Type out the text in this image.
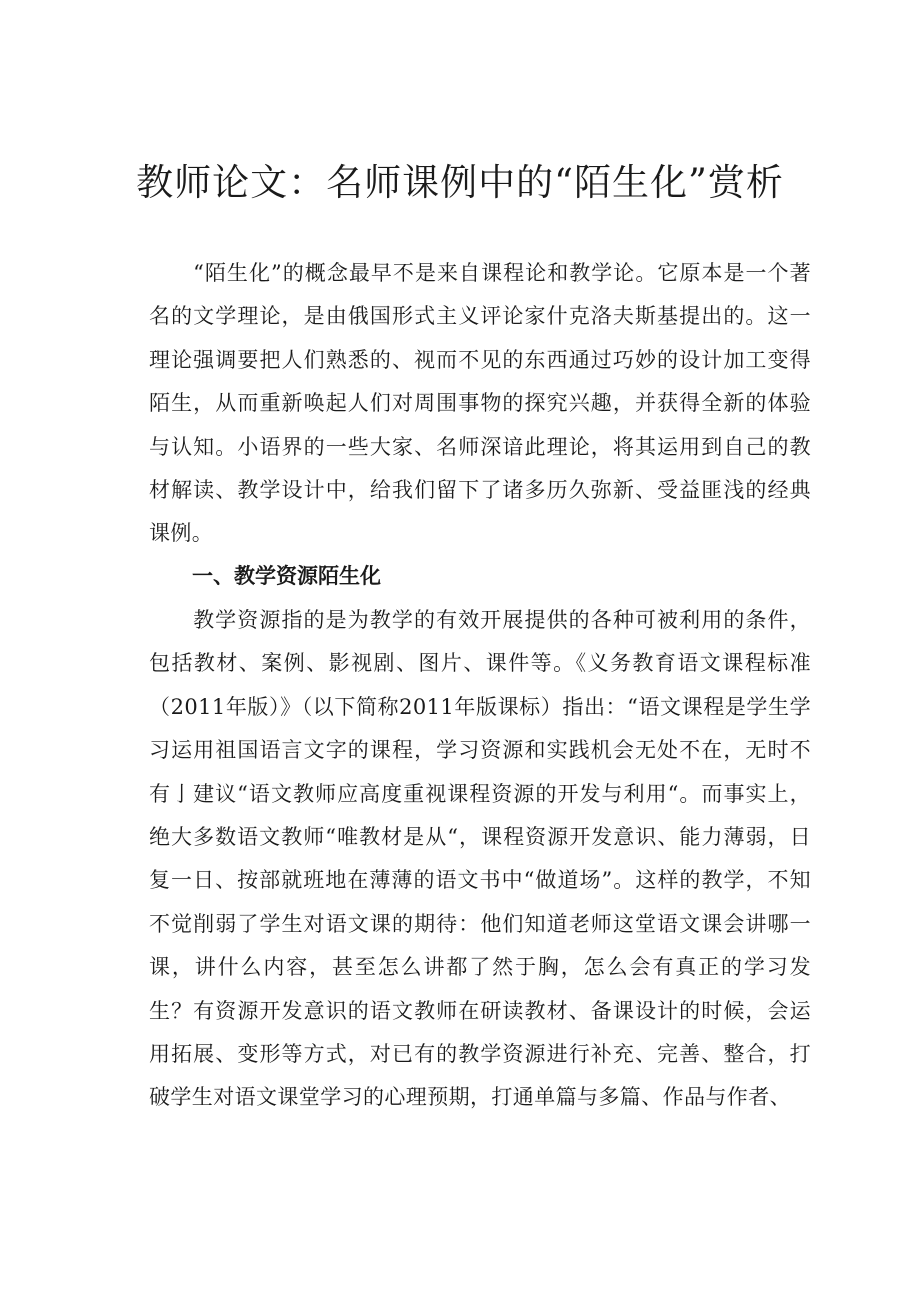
教师论文：名师课例中的“陌生化”赏析

“陌生化”的概念最早不是来自课程论和教学论。它原本是一个著名的文学理论，是由俄国形式主义评论家什克洛夫斯基提出的。这一理论强调要把人们熟悉的、视而不见的东西通过巧妙的设计加工变得陌生，从而重新唤起人们对周围事物的探究兴趣，并获得全新的体验与认知。小语界的一些大家、名师深谙此理论，将其运用到自己的教材解读、教学设计中，给我们留下了诸多历久弥新、受益匪浅的经典课例。

一、教学资源陌生化

教学资源指的是为教学的有效开展提供的各种可被利用的条件，包括教材、案例、影视剧、图片、课件等。《义务教育语文课程标准（2011年版）》（以下简称2011年版课标）指出：“语文课程是学生学习运用祖国语言文字的课程，学习资源和实践机会无处不在，无时不有亅建议“语文教师应高度重视课程资源的开发与利用“。而事实上，绝大多数语文教师“唯教材是从“，课程资源开发意识、能力薄弱，日复一日、按部就班地在薄薄的语文书中“做道场”。这样的教学，不知不觉削弱了学生对语文课的期待：他们知道老师这堂语文课会讲哪一课，讲什么内容，甚至怎么讲都了然于胸，怎么会有真正的学习发生？有资源开发意识的语文教师在研读教材、备课设计的时候，会运用拓展、变形等方式，对已有的教学资源进行补充、完善、整合，打破学生对语文课堂学习的心理预期，打通单篇与多篇、作品与作者、
